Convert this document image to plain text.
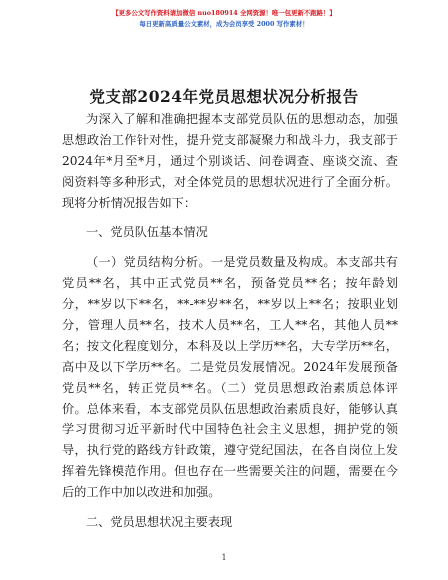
【更多公文写作资料请加微信 nuo180914 全网资源！唯一包更新不跑路！】
每日更新高质量公文素材，成为会员享受 2000 写作素材！
党支部2024年党员思想状况分析报告
为深入了解和准确把握本支部党员队伍的思想动态，加强
思想政治工作针对性，提升党支部凝聚力和战斗力，我支部于
2024年*月至*月，通过个别谈话、问卷调查、座谈交流、查
阅资料等多种形式，对全体党员的思想状况进行了全面分析。
现将分析情况报告如下：
一、党员队伍基本情况
（一）党员结构分析。一是党员数量及构成。本支部共有
党员**名，其中正式党员**名，预备党员**名；按年龄划
分，**岁以下**名，**-**岁**名，**岁以上**名；按职业划
分，管理人员**名，技术人员**名，工人**名，其他人员**
名；按文化程度划分，本科及以上学历**名，大专学历**名，
高中及以下学历**名。二是党员发展情况。2024年发展预备
党员**名，转正党员**名。（二）党员思想政治素质总体评
价。总体来看，本支部党员队伍思想政治素质良好，能够认真
学习贯彻习近平新时代中国特色社会主义思想，拥护党的领
导，执行党的路线方针政策，遵守党纪国法，在各自岗位上发
挥着先锋模范作用。但也存在一些需要关注的问题，需要在今
后的工作中加以改进和加强。
二、党员思想状况主要表现
1
